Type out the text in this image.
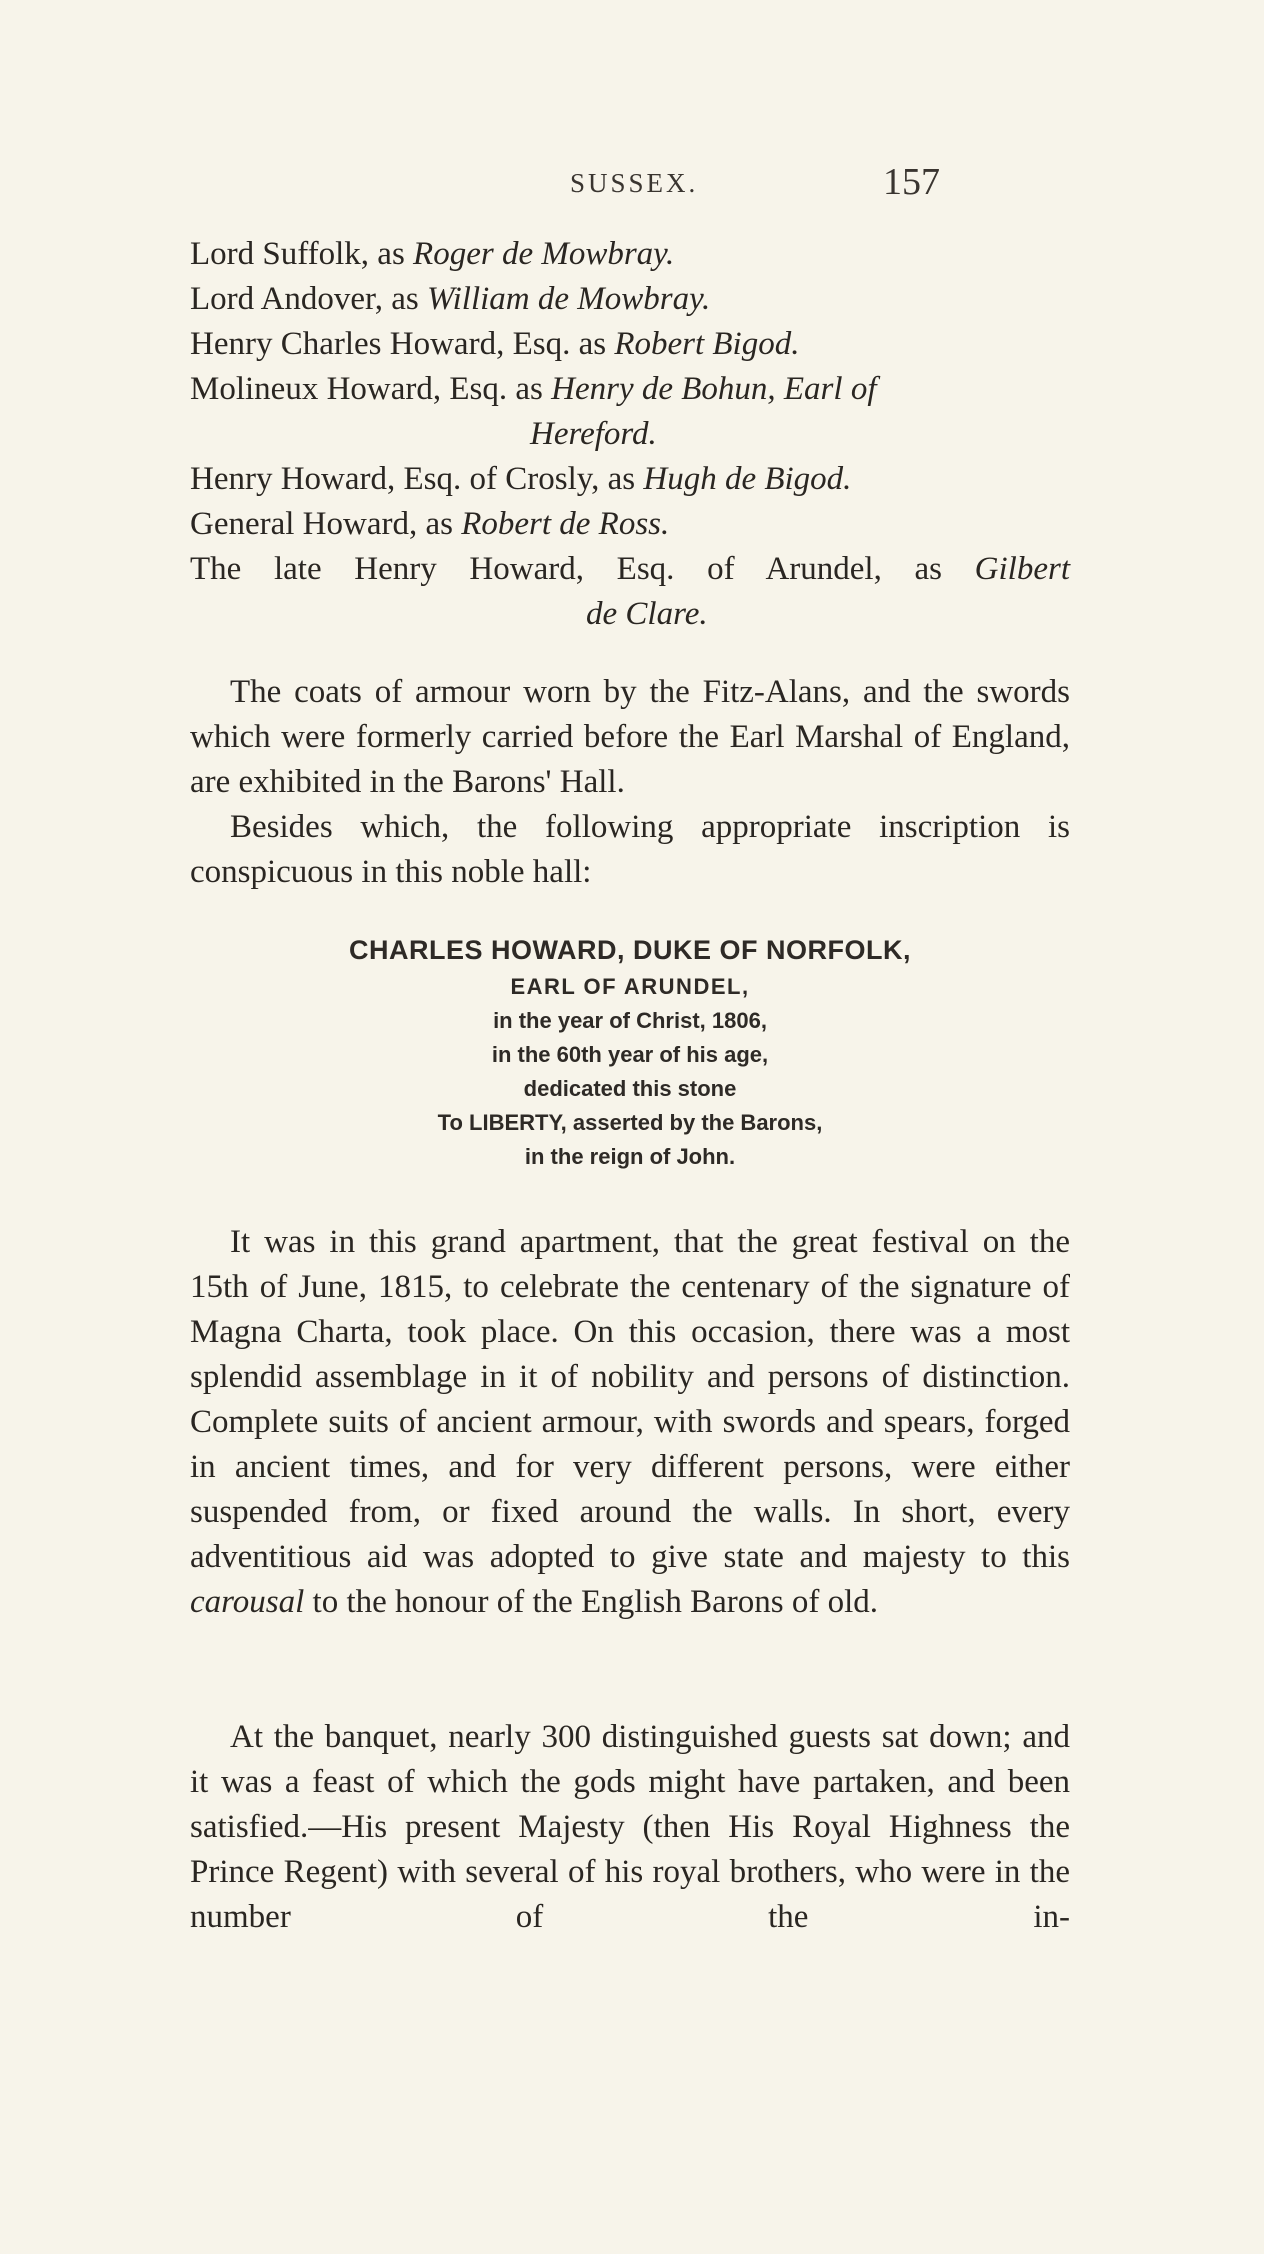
SUSSEX.	157
Lord Suffolk, as Roger de Mowbray.
Lord Andover, as William de Mowbray.
Henry Charles Howard, Esq. as Robert Bigod.
Molineux Howard, Esq. as Henry de Bohun, Earl of
Hereford.
Henry Howard, Esq. of Crosly, as Hugh de Bigod.
General Howard, as Robert de Ross.
The late Henry Howard, Esq. of Arundel, as Gilbert
de Clare.

The coats of armour worn by the Fitz-Alans, and the swords which were formerly carried before the Earl Marshal of England, are exhibited in the Barons' Hall.

Besides which, the following appropriate inscription is conspicuous in this noble hall:

CHARLES HOWARD, DUKE OF NORFOLK,
EARL OF ARUNDEL,
in the year of Christ, 1806,
in the 60th year of his age,
dedicated this stone
To LIBERTY, asserted by the Barons,
in the reign of John.

It was in this grand apartment, that the great festival on the 15th of June, 1815, to celebrate the centenary of the signature of Magna Charta, took place. On this occasion, there was a most splendid assemblage in it of nobility and persons of distinction. Complete suits of ancient armour, with swords and spears, forged in ancient times, and for very different persons, were either suspended from, or fixed around the walls. In short, every adventitious aid was adopted to give state and majesty to this carousal to the honour of the English Barons of old.

At the banquet, nearly 300 distinguished guests sat down; and it was a feast of which the gods might have partaken, and been satisfied.—His present Majesty (then His Royal Highness the Prince Regent) with several of his royal brothers, who were in the number of the in-
